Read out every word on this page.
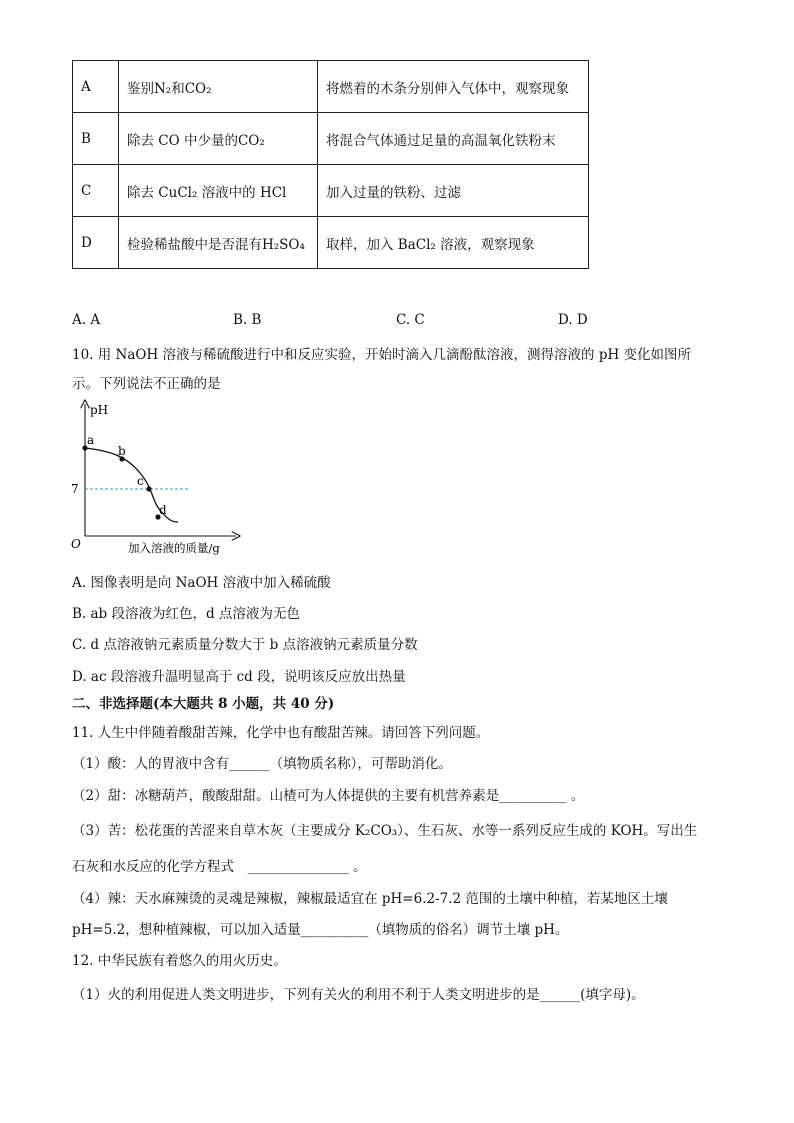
A	鉴别N₂和CO₂	将燃着的木条分别伸入气体中，观察现象
B	除去 CO 中少量的CO₂	将混合气体通过足量的高温氧化铁粉末
C	除去 CuCl₂ 溶液中的 HCl	加入过量的铁粉、过滤
D	检验稀盐酸中是否混有H₂SO₄	取样，加入 BaCl₂ 溶液，观察现象
A. A	B. B	C. C	D. D
10. 用 NaOH 溶液与稀硫酸进行中和反应实验，开始时滴入几滴酚酞溶液，测得溶液的 pH 变化如图所
示。下列说法不正确的是
pH
7
O
a
b
c
d
加入溶液的质量/g
A. 图像表明是向 NaOH 溶液中加入稀硫酸
B. ab 段溶液为红色，d 点溶液为无色
C. d 点溶液钠元素质量分数大于 b 点溶液钠元素质量分数
D. ac 段溶液升温明显高于 cd 段，说明该反应放出热量
二、非选择题(本大题共 8 小题，共 40 分)
11. 人生中伴随着酸甜苦辣，化学中也有酸甜苦辣。请回答下列问题。
（1）酸：人的胃液中含有______（填物质名称），可帮助消化。
（2）甜：冰糖葫芦，酸酸甜甜。山楂可为人体提供的主要有机营养素是__________ 。
（3）苦：松花蛋的苦涩来自草木灰（主要成分 K₂CO₃）、生石灰、水等一系列反应生成的 KOH。写出生
石灰和水反应的化学方程式　_______________ 。
（4）辣：天水麻辣烫的灵魂是辣椒，辣椒最适宜在 pH=6.2-7.2 范围的土壤中种植，若某地区土壤
pH=5.2，想种植辣椒，可以加入适量__________（填物质的俗名）调节土壤 pH。
12. 中华民族有着悠久的用火历史。
（1）火的利用促进人类文明进步，下列有关火的利用不利于人类文明进步的是______(填字母)。
